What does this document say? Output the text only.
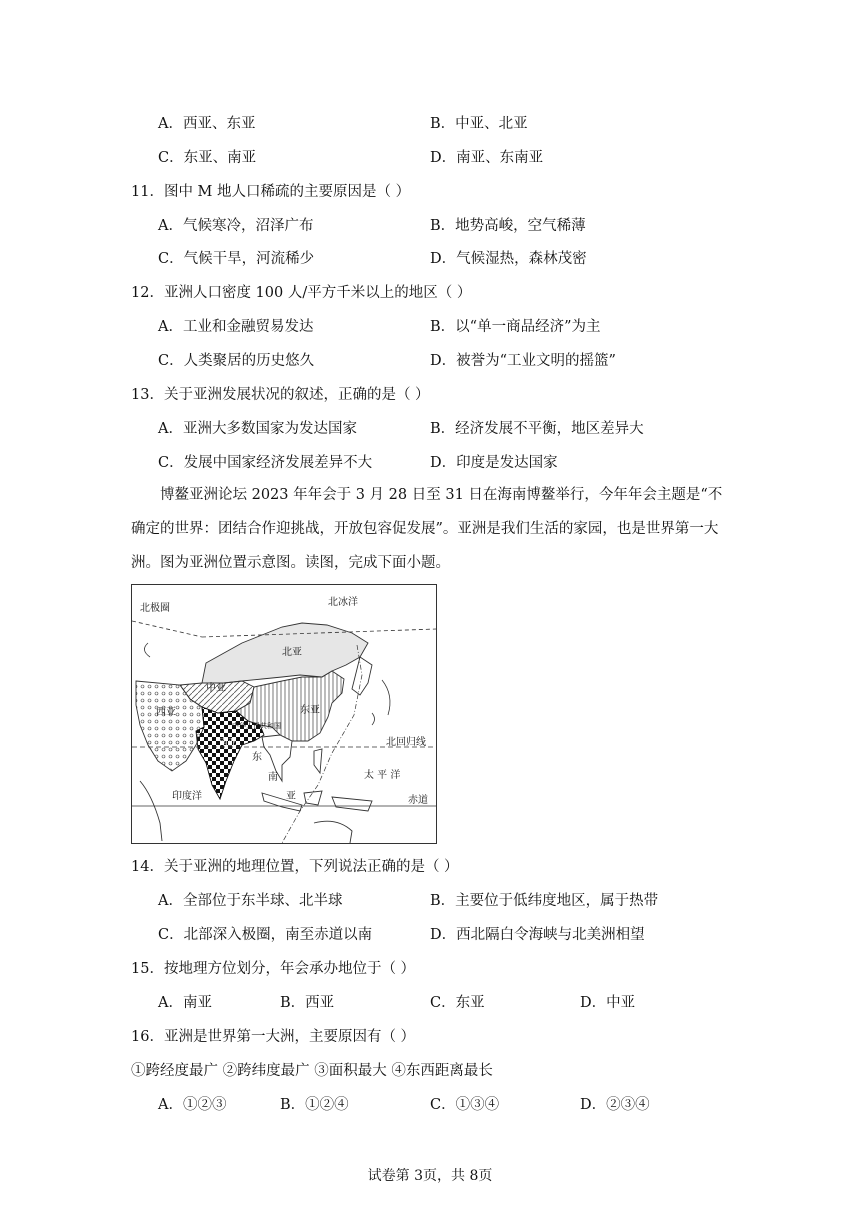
A．西亚、东亚	B．中亚、北亚
C．东亚、南亚	D．南亚、东南亚
11．图中 M 地人口稀疏的主要原因是（ ）
A．气候寒冷，沼泽广布	B．地势高峻，空气稀薄
C．气候干旱，河流稀少	D．气候湿热，森林茂密
12．亚洲人口密度 100 人/平方千米以上的地区（ ）
A．工业和金融贸易发达	B．以“单一商品经济”为主
C．人类聚居的历史悠久	D．被誉为“工业文明的摇篮”
13．关于亚洲发展状况的叙述，正确的是（ ）
A．亚洲大多数国家为发达国家	B．经济发展不平衡，地区差异大
C．发展中国家经济发展差异不大	D．印度是发达国家
博鳌亚洲论坛 2023 年年会于 3 月 28 日至 31 日在海南博鳌举行，今年年会主题是“不确定的世界：团结合作迎挑战，开放包容促发展”。亚洲是我们生活的家园，也是世界第一大洲。图为亚洲位置示意图。读图，完成下面小题。
北极圈
北冰洋
北亚
中亚
西亚	东亚
中华人民共和国
南亚	北回归线
太 平 洋
印度洋	赤道
东
南
亚
14．关于亚洲的地理位置，下列说法正确的是（ ）
A．全部位于东半球、北半球	B．主要位于低纬度地区，属于热带
C．北部深入极圈，南至赤道以南	D．西北隔白令海峡与北美洲相望
15．按地理方位划分，年会承办地位于（ ）
A．南亚	B．西亚	C．东亚	D．中亚
16．亚洲是世界第一大洲，主要原因有（ ）
①跨经度最广 ②跨纬度最广 ③面积最大 ④东西距离最长
A．①②③	B．①②④	C．①③④	D．②③④
试卷第 3页，共 8页
